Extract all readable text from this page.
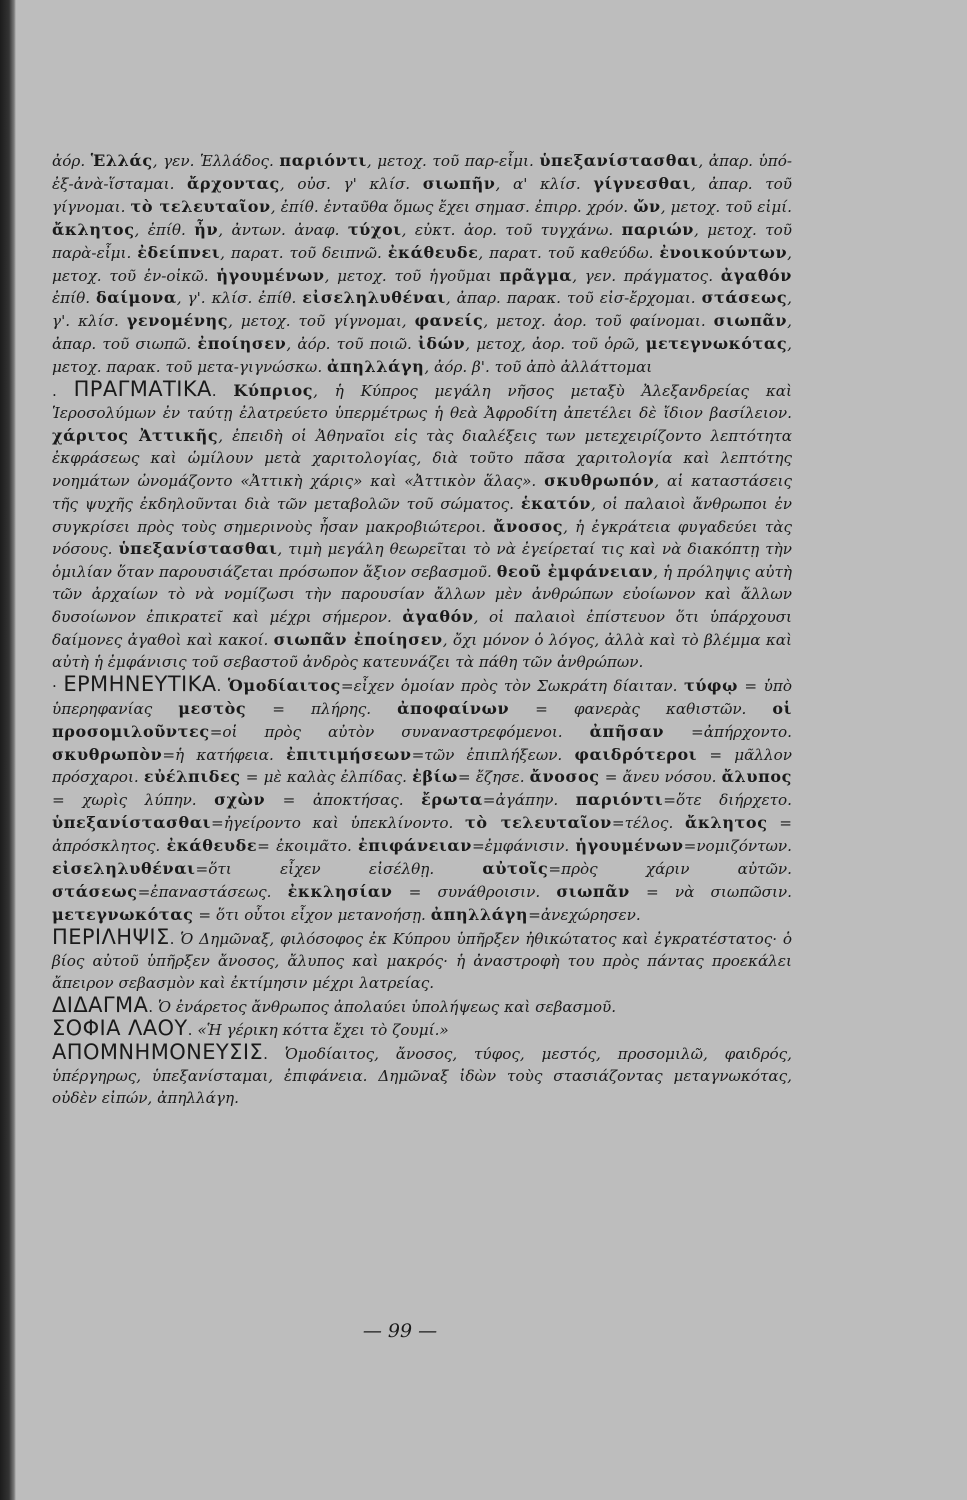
ἀόρ. Ἑλλάς, γεν. Ἑλλάδος. παριόντι, μετοχ. τοῦ παρ-εἶμι. ὑπεξανίστασθαι, ἀπαρ. ὑπό-ἐξ-ἀνὰ-ἵσταμαι. ἄρχοντας, οὐσ. γ' κλίσ. σιωπῆν, α' κλίσ. γίγνεσθαι, ἀπαρ. τοῦ γίγνομαι. τὸ τελευταῖον, ἐπίθ. ἐνταῦθα ὅμως ἔχει σημασ. ἐπιρρ. χρόν. ὤν, μετοχ. τοῦ εἰμί. ἄκλητος, ἐπίθ. ἦν, ἀντων. ἀναφ. τύχοι, εὐκτ. ἀορ. τοῦ τυγχάνω. παριών, μετοχ. τοῦ παρὰ-εἶμι. ἐδείπνει, παρατ. τοῦ δειπνῶ. ἐκάθευδε, παρατ. τοῦ καθεύδω. ἐνοικούντων, μετοχ. τοῦ ἐν-οἰκῶ. ἡγουμένων, μετοχ. τοῦ ἡγοῦμαι πρᾶγμα, γεν. πράγματος. ἀγαθόν ἐπίθ. δαίμονα, γ'. κλίσ. ἐπίθ. εἰσεληλυθέναι, ἀπαρ. παρακ. τοῦ εἰσ-ἔρχομαι. στάσεως, γ'. κλίσ. γενομένης, μετοχ. τοῦ γίγνομαι, φανείς, μετοχ. ἀορ. τοῦ φαίνομαι. σιωπᾶν, ἀπαρ. τοῦ σιωπῶ. ἐποίησεν, ἀόρ. τοῦ ποιῶ. ἰδών, μετοχ, ἀορ. τοῦ ὁρῶ, μετεγνωκότας, μετοχ. παρακ. τοῦ μετα-γιγνώσκω. ἀπηλλάγη, ἀόρ. β'. τοῦ ἀπὸ ἀλλάττομαι

. ΠΡΑΓΜΑΤΙΚΑ. Κύπριος, ἡ Κύπρος μεγάλη νῆσος μεταξὺ Ἀλεξανδρείας καὶ Ἱεροσολύμων ἐν ταύτῃ ἐλατρεύετο ὑπερμέτρως ἡ θεὰ Ἀφροδίτη ἀπετέλει δὲ ἴδιον βασίλειον. χάριτος Ἀττικῆς, ἐπειδὴ οἱ Ἀθηναῖοι εἰς τὰς διαλέξεις των μετεχειρίζοντο λεπτότητα ἐκφράσεως καὶ ὡμίλουν μετὰ χαριτολογίας, διὰ τοῦτο πᾶσα χαριτολογία καὶ λεπτότης νοημάτων ὠνομάζοντο «Ἀττικὴ χάρις» καὶ «Ἀττικὸν ἅλας». σκυθρωπόν, αἱ καταστάσεις τῆς ψυχῆς ἐκδηλοῦνται διὰ τῶν μεταβολῶν τοῦ σώματος. ἑκατόν, οἱ παλαιοὶ ἄνθρωποι ἐν συγκρίσει πρὸς τοὺς σημερινοὺς ἦσαν μακροβιώτεροι. ἄνοσος, ἡ ἐγκράτεια φυγαδεύει τὰς νόσους. ὑπεξανίστασθαι, τιμὴ μεγάλη θεωρεῖται τὸ νὰ ἐγείρεταί τις καὶ νὰ διακόπτῃ τὴν ὁμιλίαν ὅταν παρουσιάζεται πρόσωπον ἄξιον σεβασμοῦ. θεοῦ ἐμφάνειαν, ἡ πρόληψις αὐτὴ τῶν ἀρχαίων τὸ νὰ νομίζωσι τὴν παρουσίαν ἄλλων μὲν ἀνθρώπων εὐοίωνον καὶ ἄλλων δυσοίωνον ἐπικρατεῖ καὶ μέχρι σήμερον. ἀγαθόν, οἱ παλαιοὶ ἐπίστευον ὅτι ὑπάρχουσι δαίμονες ἀγαθοὶ καὶ κακοί. σιωπᾶν ἐποίησεν, ὄχι μόνον ὁ λόγος, ἀλλὰ καὶ τὸ βλέμμα καὶ αὐτὴ ἡ ἐμφάνισις τοῦ σεβαστοῦ ἀνδρὸς κατευνάζει τὰ πάθη τῶν ἀνθρώπων.

· ΕΡΜΗΝΕΥΤΙΚΑ. Ὁμοδίαιτος=εἶχεν ὁμοίαν πρὸς τὸν Σωκράτη δίαιταν. τύφῳ = ὑπὸ ὑπερηφανίας μεστὸς = πλήρης. ἀποφαίνων = φανερὰς καθιστῶν. οἱ προσομιλοῦντες=οἱ πρὸς αὐτὸν συναναστρεφόμενοι. ἀπῆσαν =ἀπήρχοντο. σκυθρωπὸν=ἡ κατήφεια. ἐπιτιμήσεων=τῶν ἐπιπλήξεων. φαιδρότεροι = μᾶλλον πρόσχαροι. εὐέλπιδες = μὲ καλὰς ἐλπίδας. ἐβίω= ἔζησε. ἄνοσος = ἄνευ νόσου. ἄλυπος = χωρὶς λύπην. σχὼν = ἀποκτήσας. ἔρωτα=ἀγάπην. παριόντι=ὅτε διήρχετο. ὑπεξανίστασθαι=ἠγείροντο καὶ ὑπεκλίνοντο. τὸ τελευταῖον=τέλος. ἄκλητος = ἀπρόσκλητος. ἐκάθευδε= ἐκοιμᾶτο. ἐπιφάνειαν=ἐμφάνισιν. ἡγουμένων=νομιζόντων. εἰσεληλυθέναι=ὅτι εἶχεν εἰσέλθῃ. αὐτοῖς=πρὸς χάριν αὐτῶν. στάσεως=ἐπαναστάσεως. ἐκκλησίαν = συνάθροισιν. σιωπᾶν = νὰ σιωπῶσιν. μετεγνωκότας = ὅτι οὗτοι εἶχον μετανοήσῃ. ἀπηλλάγη=ἀνεχώρησεν.

ΠΕΡΙΛΗΨΙΣ. Ὁ Δημῶναξ, φιλόσοφος ἐκ Κύπρου ὑπῆρξεν ἠθικώτατος καὶ ἐγκρατέστατος· ὁ βίος αὐτοῦ ὑπῆρξεν ἄνοσος, ἄλυπος καὶ μακρός· ἡ ἀναστροφὴ του πρὸς πάντας προεκάλει ἄπειρον σεβασμὸν καὶ ἐκτίμησιν μέχρι λατρείας.

ΔΙΔΑΓΜΑ. Ὁ ἐνάρετος ἄνθρωπος ἀπολαύει ὑπολήψεως καὶ σεβασμοῦ.

ΣΟΦΙΑ ΛΑΟΥ. «Ἡ γέρικη κόττα ἔχει τὸ ζουμί.»

ΑΠΟΜΝΗΜΟΝΕΥΣΙΣ. Ὁμοδίαιτος, ἄνοσος, τύφος, μεστός, προσομιλῶ, φαιδρός, ὑπέργηρως, ὑπεξανίσταμαι, ἐπιφάνεια. Δημῶναξ ἰδὼν τοὺς στασιάζοντας μεταγνωκότας, οὐδὲν εἰπών, ἀπηλλάγη.

— 99 —
